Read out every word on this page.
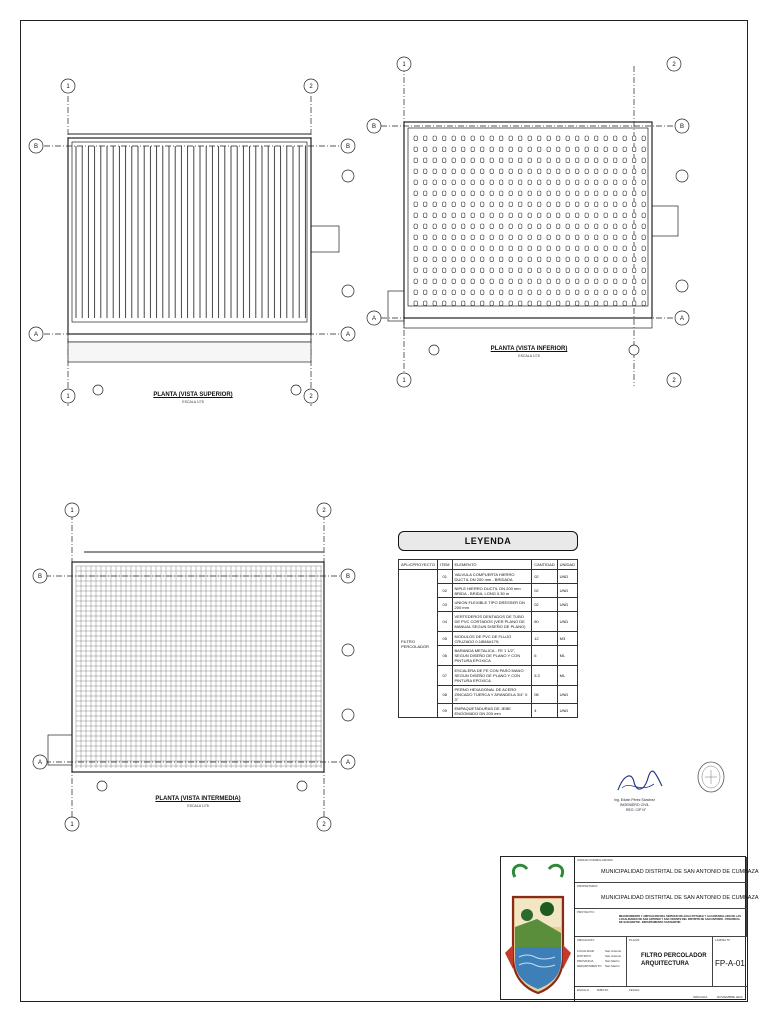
1	2
1	2
B	B
A	A
PLANTA (VISTA SUPERIOR)
ESCALA 1/75
1	2
1	2
B	B
A	A
PLANTA (VISTA INFERIOR)
ESCALA 1/75
1	2
1	2
B	B
A	A
PLANTA (VISTA INTERMEDIA)
ESCALA 1/75
LEYENDA
APLICPROYECTO	ITEM	ELEMENTO	CANTIDAD	UNIDAD
FILTRO PERCOLADOR	01	VALVULA COMPUERTA HIERRO DUCTIL DN 200 mm - BRIDADA	02	UND
	02	NIPLE HIERRO DUCTIL DN 200 mm BRIDA - BRIDA, LONG 0.30 m	02	UND
	03	UNION FLEXIBLE TIPO DRESSER DN 200 mm	02	UND
	04	VERTEDEROS DENTADOS DE TUBO DE PVC CORTADOS (VER PLANO DE MANUAL SEGUN DISEÑO DE PLANO)	60	UND
	05	MODULOS DE PVC DE FLUJO CRUZADO 0.18M&#179;	12	M3
	06	BARANDA METALICA - FE 1 1/2", SEGUN DISEÑO DE PLANO Y CON PINTURA EPOXICA	6	ML
	07	ESCALERA DE FE CON PASO MANO SEGUN DISEÑO DE PLANO Y CON PINTURA EPOXICA	5.3	ML
	08	PERNO HEXAGONAL DE ACERO ZINCADO TUERCA Y ARANDELA 3/4" X 3"	08	UND
	09	EMPAQUETADURAS DE JEBE ENGOMADO DN 200 mm	4	UND
Ing. Edwin Pérez Sánchez
INGENIERO CIVIL
REG. CIP N°
UNIDAD FORMULADORA:
MUNICIPALIDAD DISTRITAL DE SAN ANTONIO DE CUMBAZA
PROPIETARIO:
MUNICIPALIDAD DISTRITAL DE SAN ANTONIO DE CUMBAZA
PROYECTO:
MEJORAMIENTO Y AMPLIACION DEL SERVICIO DE AGUA POTABLE Y ALCANTARILLADO DE LAS LOCALIDADES DE SAN ANTONIO Y SAN VICENTE DEL DISTRITO DE SAN ANTONIO - PROVINCIA DE SAN MARTIN - DEPARTAMENTO SAN MARTIN
UBICACION:
LOCALIDAD	San Antonio
DISTRITO	San Antonio
PROVINCIA	San Martin
DEPARTAMENTO San Martin
PLANO:
FILTRO PERCOLADOR
ARQUITECTURA
LAMINA N°:
FP-A-01
ESCALA: DIBUJO:	FECHA:
INDICADA	NOVIEMBRE 2022
